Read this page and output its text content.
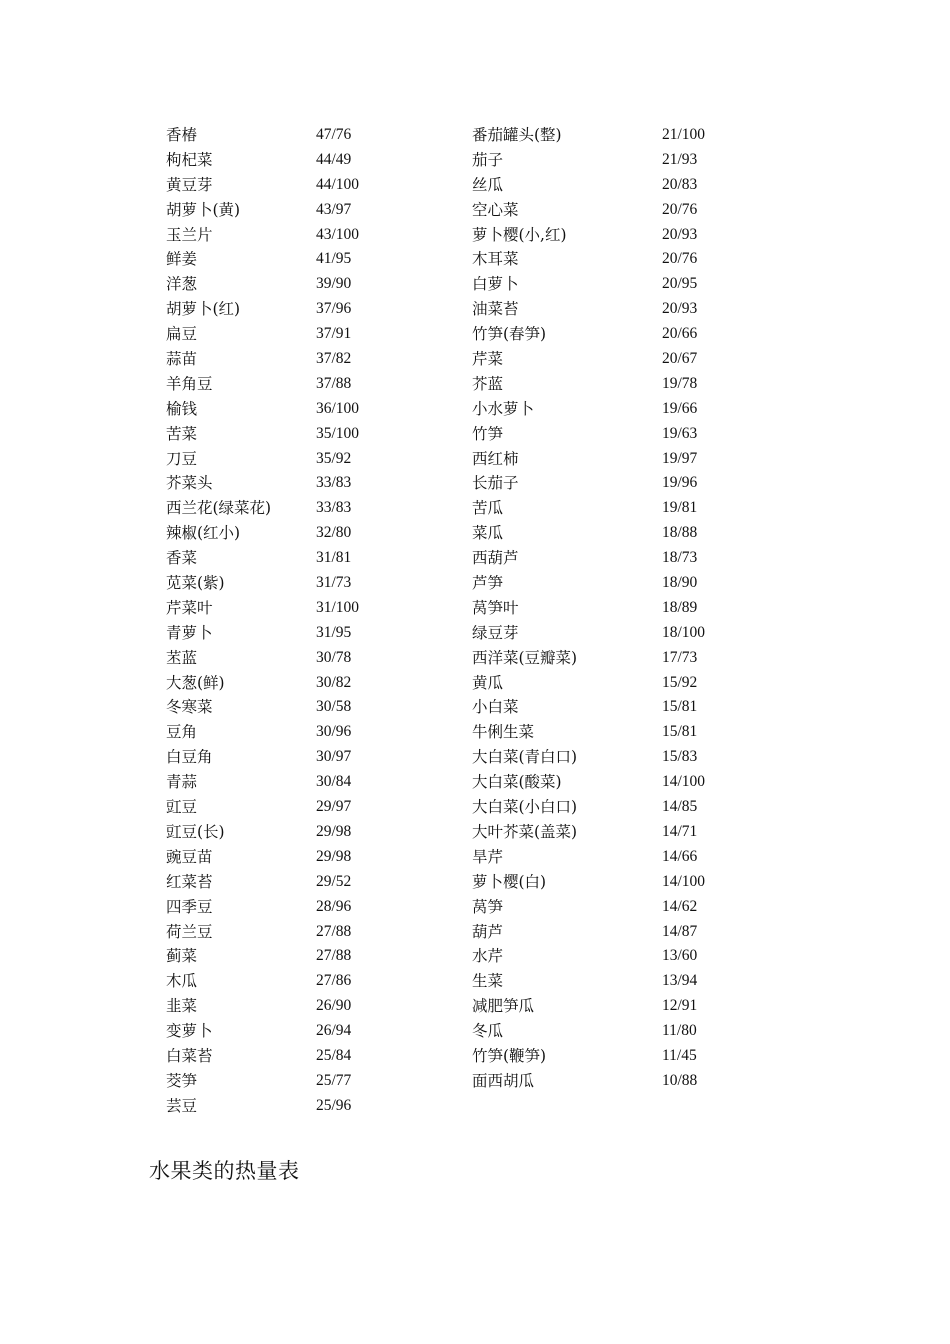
香椿	47/76
枸杞菜	44/49
黄豆芽	44/100
胡萝卜(黄)	43/97
玉兰片	43/100
鲜姜	41/95
洋葱	39/90
胡萝卜(红)	37/96
扁豆	37/91
蒜苗	37/82
羊角豆	37/88
榆钱	36/100
苦菜	35/100
刀豆	35/92
芥菜头	33/83
西兰花(绿菜花)	33/83
辣椒(红小)	32/80
香菜	31/81
苋菜(紫)	31/73
芹菜叶	31/100
青萝卜	31/95
苤蓝	30/78
大葱(鲜)	30/82
冬寒菜	30/58
豆角	30/96
白豆角	30/97
青蒜	30/84
豇豆	29/97
豇豆(长)	29/98
豌豆苗	29/98
红菜苔	29/52
四季豆	28/96
荷兰豆	27/88
蓟菜	27/88
木瓜	27/86
韭菜	26/90
变萝卜	26/94
白菜苔	25/84
茭笋	25/77
芸豆	25/96
番茄罐头(整)	21/100
茄子	21/93
丝瓜	20/83
空心菜	20/76
萝卜樱(小,红)	20/93
木耳菜	20/76
白萝卜	20/95
油菜苔	20/93
竹笋(春笋)	20/66
芹菜	20/67
芥蓝	19/78
小水萝卜	19/66
竹笋	19/63
西红柿	19/97
长茄子	19/96
苦瓜	19/81
菜瓜	18/88
西葫芦	18/73
芦笋	18/90
莴笋叶	18/89
绿豆芽	18/100
西洋菜(豆瓣菜)	17/73
黄瓜	15/92
小白菜	15/81
牛俐生菜	15/81
大白菜(青白口)	15/83
大白菜(酸菜)	14/100
大白菜(小白口)	14/85
大叶芥菜(盖菜)	14/71
旱芹	14/66
萝卜樱(白)	14/100
莴笋	14/62
葫芦	14/87
水芹	13/60
生菜	13/94
减肥笋瓜	12/91
冬瓜	11/80
竹笋(鞭笋)	11/45
面西胡瓜	10/88
水果类的热量表
